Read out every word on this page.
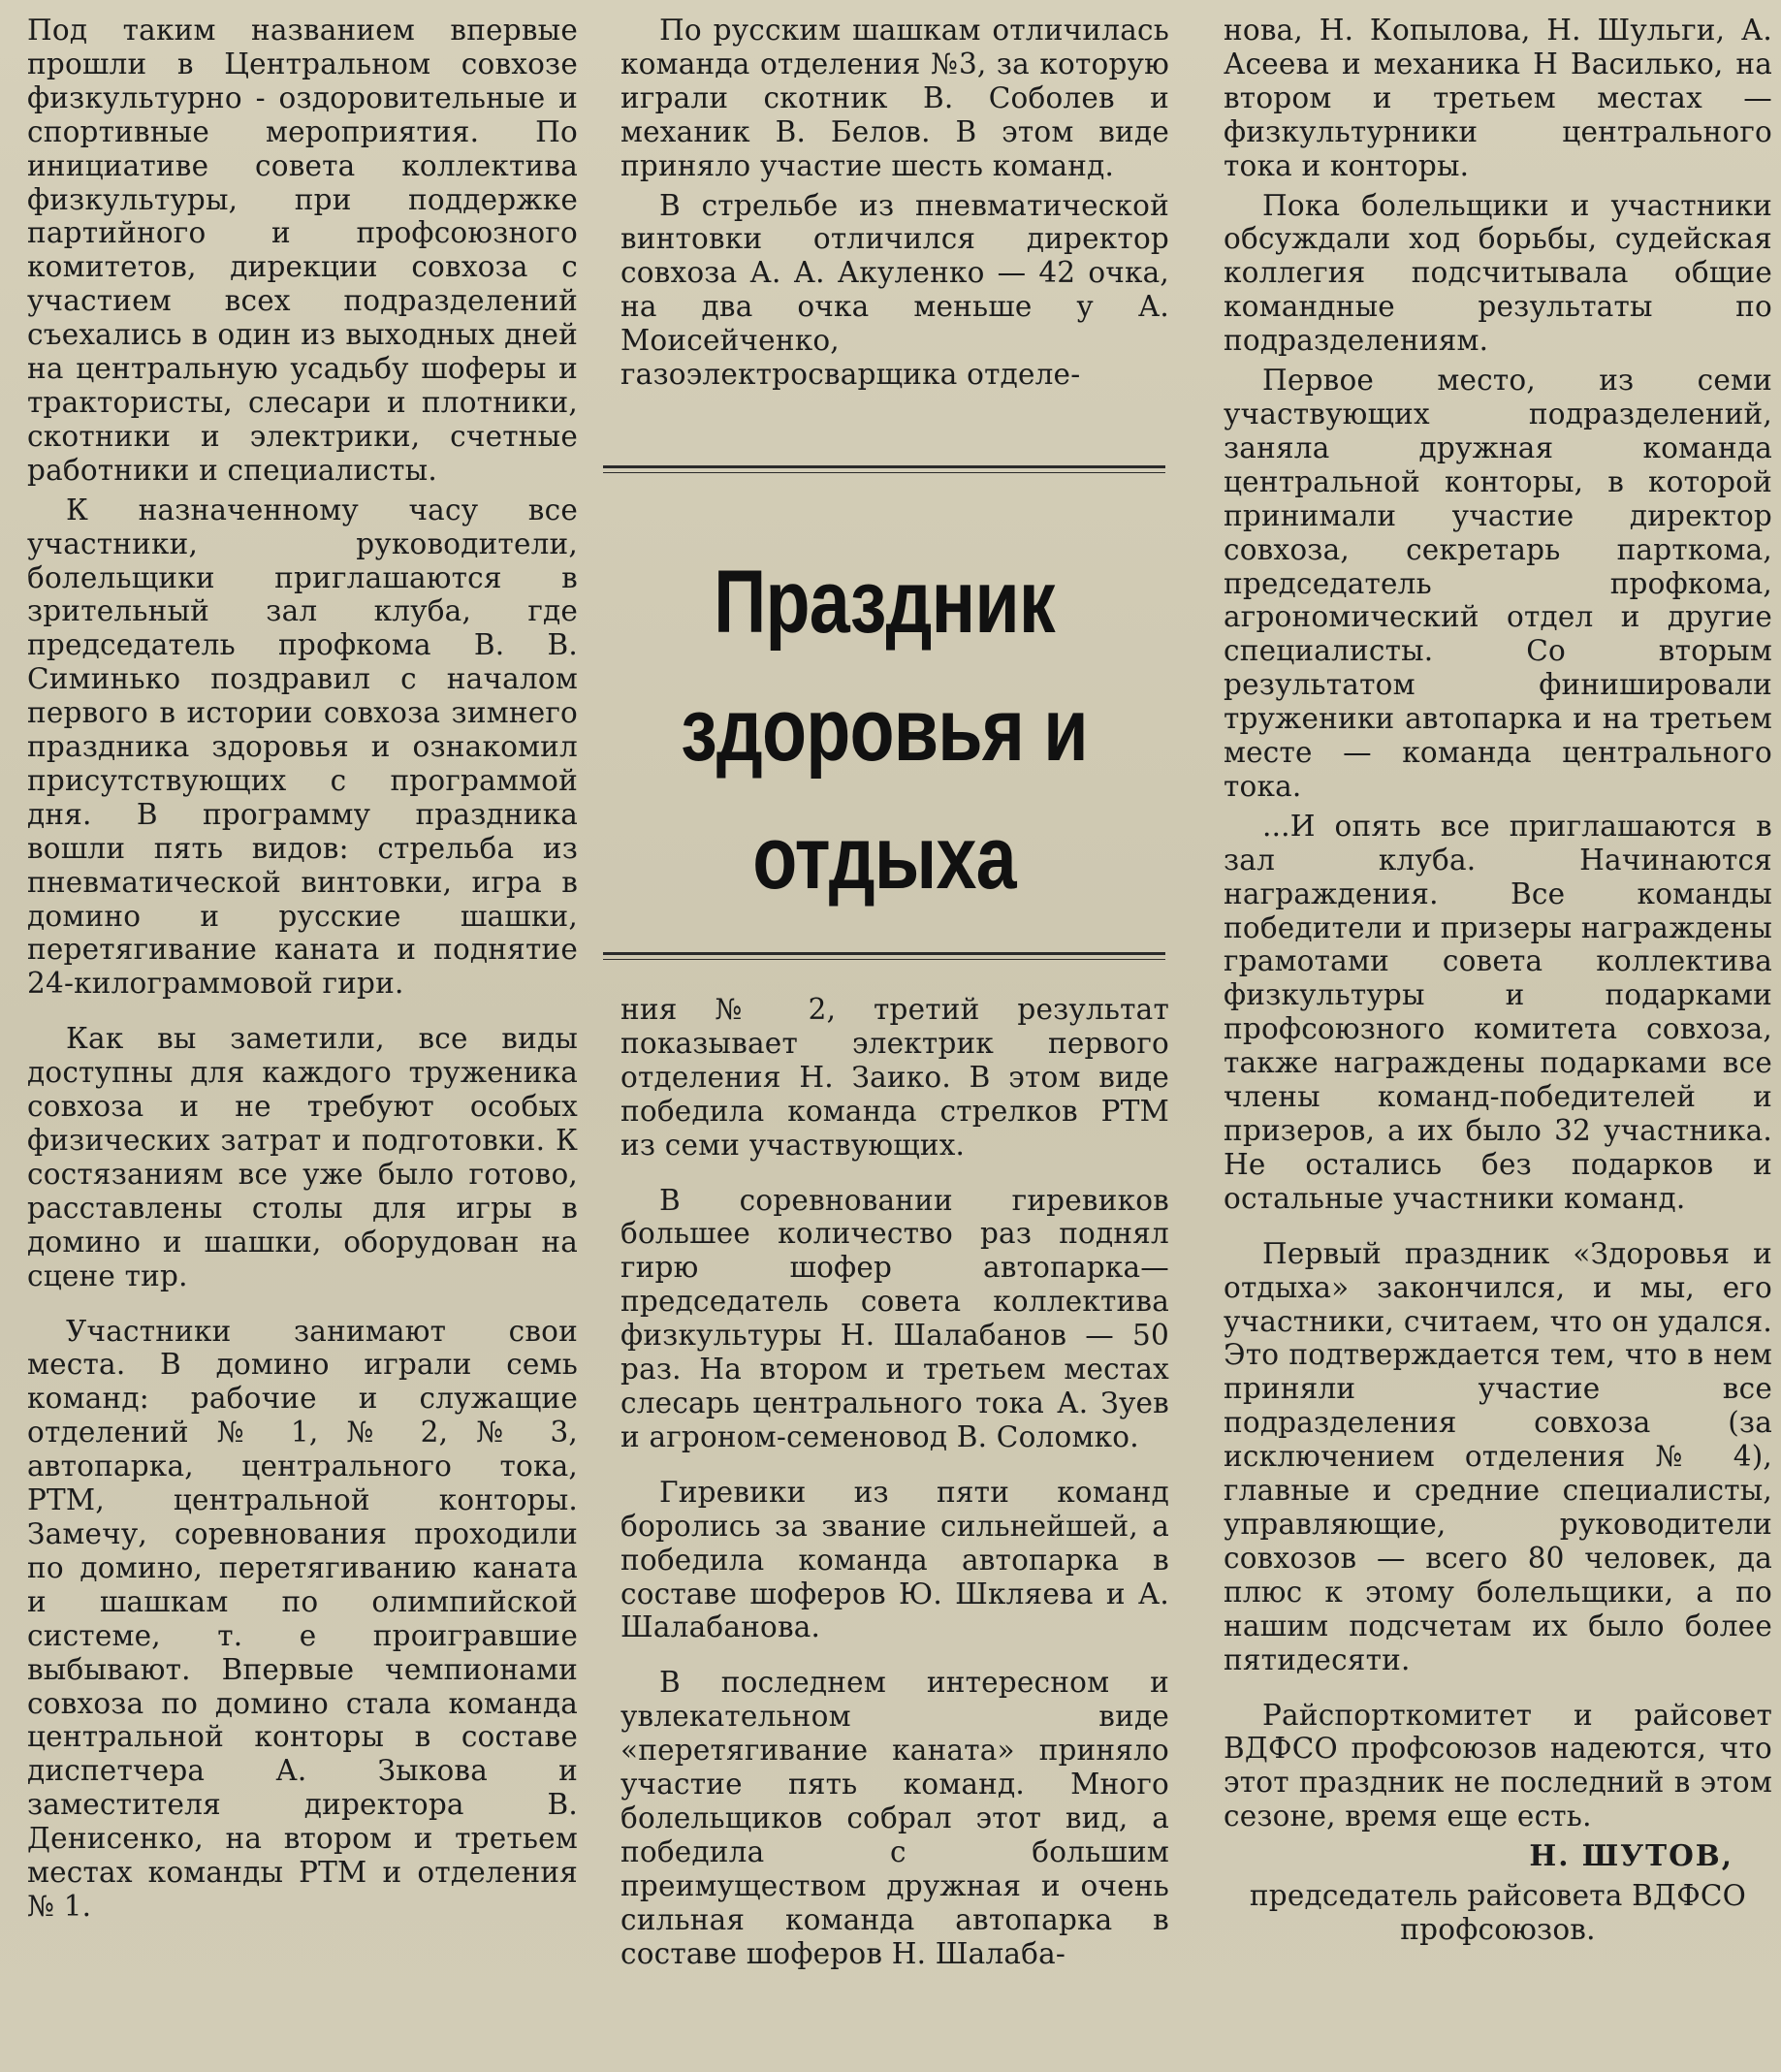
Под таким названием впервые прошли в Центральном совхозе физкультурно - оздоровительные и спортивные мероприятия. По инициативе совета коллектива физкультуры, при поддержке партийного и профсоюзного комитетов, дирекции совхоза с участием всех подразделений съехались в один из выходных дней на центральную усадьбу шоферы и трактористы, слесари и плотники, скотники и электрики, счетные работники и специалисты.

К назначенному часу все участники, руководители, болельщики приглашаются в зрительный зал клуба, где председатель профкома В. В. Симинько поздравил с началом первого в истории совхоза зимнего праздника здоровья и ознакомил присутствующих с программой дня. В программу праздника вошли пять видов: стрельба из пневматической винтовки, игра в домино и русские шашки, перетягивание каната и поднятие 24-килограммовой гири.

Как вы заметили, все виды доступны для каждого труженика совхоза и не требуют особых физических затрат и подготовки. К состязаниям все уже было готово, расставлены столы для игры в домино и шашки, оборудован на сцене тир.

Участники занимают свои места. В домино играли семь команд: рабочие и служащие отделений № 1, № 2, № 3, автопарка, центрального тока, РТМ, центральной конторы. Замечу, соревнования проходили по домино, перетягиванию каната и шашкам по олимпийской системе, т. е проигравшие выбывают. Впервые чемпионами совхоза по домино стала команда центральной конторы в составе диспетчера А. Зыкова и заместителя директора В. Денисенко, на втором и третьем местах команды РТМ и отделения № 1.

По русским шашкам отличилась команда отделения №3, за которую играли скотник В. Соболев и механик В. Белов. В этом виде приняло участие шесть команд.

В стрельбе из пневматической винтовки отличился директор совхоза А. А. Акуленко — 42 очка, на два очка меньше у А. Моисейченко, газоэлектросварщика отделе-

Праздник
здоровья и
отдыха

ния № 2, третий результат показывает электрик первого отделения Н. Заико. В этом виде победила команда стрелков РТМ из семи участвующих.

В соревновании гиревиков большее количество раз поднял гирю шофер автопарка— председатель совета коллектива физкультуры Н. Шалабанов — 50 раз. На втором и третьем местах слесарь центрального тока А. Зуев и агроном-семеновод В. Соломко.

Гиревики из пяти команд боролись за звание сильнейшей, а победила команда автопарка в составе шоферов Ю. Шкляева и А. Шалабанова.

В последнем интересном и увлекательном виде «перетягивание каната» приняло участие пять команд. Много болельщиков собрал этот вид, а победила с большим преимуществом дружная и очень сильная команда автопарка в составе шоферов Н. Шалаба-

нова, Н. Копылова, Н. Шульги, А. Асеева и механика Н Василько, на втором и третьем местах — физкультурники центрального тока и конторы.

Пока болельщики и участники обсуждали ход борьбы, судейская коллегия подсчитывала общие командные результаты по подразделениям.

Первое место, из семи участвующих подразделений, заняла дружная команда центральной конторы, в которой принимали участие директор совхоза, секретарь парткома, председатель профкома, агрономический отдел и другие специалисты. Со вторым результатом финишировали труженики автопарка и на третьем месте — команда центрального тока.

...И опять все приглашаются в зал клуба. Начинаются награждения. Все команды победители и призеры награждены грамотами совета коллектива физкультуры и подарками профсоюзного комитета совхоза, также награждены подарками все члены команд-победителей и призеров, а их было 32 участника. Не остались без подарков и остальные участники команд.

Первый праздник «Здоровья и отдыха» закончился, и мы, его участники, считаем, что он удался. Это подтверждается тем, что в нем приняли участие все подразделения совхоза (за исключением отделения № 4), главные и средние специалисты, управляющие, руководители совхозов — всего 80 человек, да плюс к этому болельщики, а по нашим подсчетам их было более пятидесяти.

Райспорткомитет и райсовет ВДФСО профсоюзов надеются, что этот праздник не последний в этом сезоне, время еще есть.

Н. ШУТОВ,

председатель райсовета ВДФСО профсоюзов.
